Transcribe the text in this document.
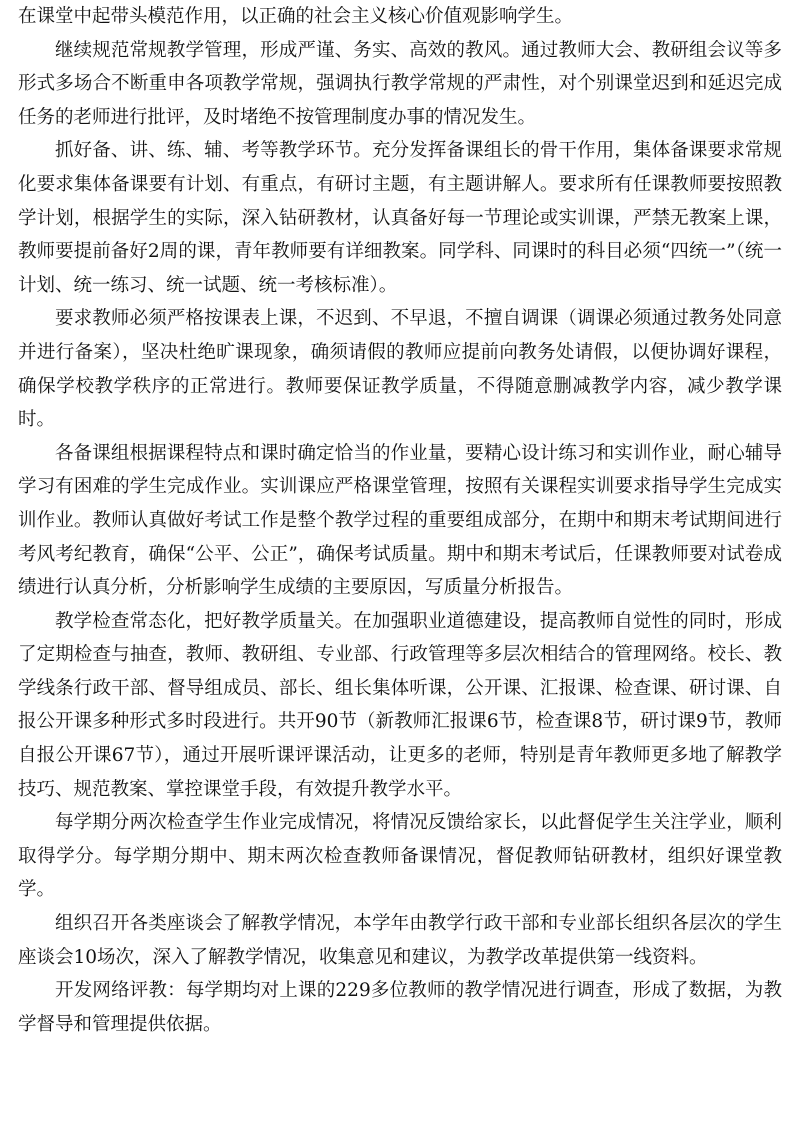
在课堂中起带头模范作用，以正确的社会主义核心价值观影响学生。

继续规范常规教学管理，形成严谨、务实、高效的教风。通过教师大会、教研组会议等多形式多场合不断重申各项教学常规，强调执行教学常规的严肃性，对个别课堂迟到和延迟完成任务的老师进行批评，及时堵绝不按管理制度办事的情况发生。

抓好备、讲、练、辅、考等教学环节。充分发挥备课组长的骨干作用，集体备课要求常规化要求集体备课要有计划、有重点，有研讨主题，有主题讲解人。要求所有任课教师要按照教学计划，根据学生的实际，深入钻研教材，认真备好每一节理论或实训课，严禁无教案上课，教师要提前备好2周的课，青年教师要有详细教案。同学科、同课时的科目必须“四统一”（统一计划、统一练习、统一试题、统一考核标准）。

要求教师必须严格按课表上课，不迟到、不早退，不擅自调课（调课必须通过教务处同意并进行备案），坚决杜绝旷课现象，确须请假的教师应提前向教务处请假，以便协调好课程，确保学校教学秩序的正常进行。教师要保证教学质量，不得随意删减教学内容，减少教学课时。

各备课组根据课程特点和课时确定恰当的作业量，要精心设计练习和实训作业，耐心辅导学习有困难的学生完成作业。实训课应严格课堂管理，按照有关课程实训要求指导学生完成实训作业。教师认真做好考试工作是整个教学过程的重要组成部分，在期中和期末考试期间进行考风考纪教育，确保“公平、公正”，确保考试质量。期中和期末考试后，任课教师要对试卷成绩进行认真分析，分析影响学生成绩的主要原因，写质量分析报告。

教学检查常态化，把好教学质量关。在加强职业道德建设，提高教师自觉性的同时，形成了定期检查与抽查，教师、教研组、专业部、行政管理等多层次相结合的管理网络。校长、教学线条行政干部、督导组成员、部长、组长集体听课，公开课、汇报课、检查课、研讨课、自报公开课多种形式多时段进行。共开90节（新教师汇报课6节，检查课8节，研讨课9节，教师自报公开课67节），通过开展听课评课活动，让更多的老师，特别是青年教师更多地了解教学技巧、规范教案、掌控课堂手段，有效提升教学水平。

每学期分两次检查学生作业完成情况，将情况反馈给家长，以此督促学生关注学业，顺利取得学分。每学期分期中、期末两次检查教师备课情况，督促教师钻研教材，组织好课堂教学。

组织召开各类座谈会了解教学情况，本学年由教学行政干部和专业部长组织各层次的学生座谈会10场次，深入了解教学情况，收集意见和建议，为教学改革提供第一线资料。

开发网络评教：每学期均对上课的229多位教师的教学情况进行调查，形成了数据，为教学督导和管理提供依据。
